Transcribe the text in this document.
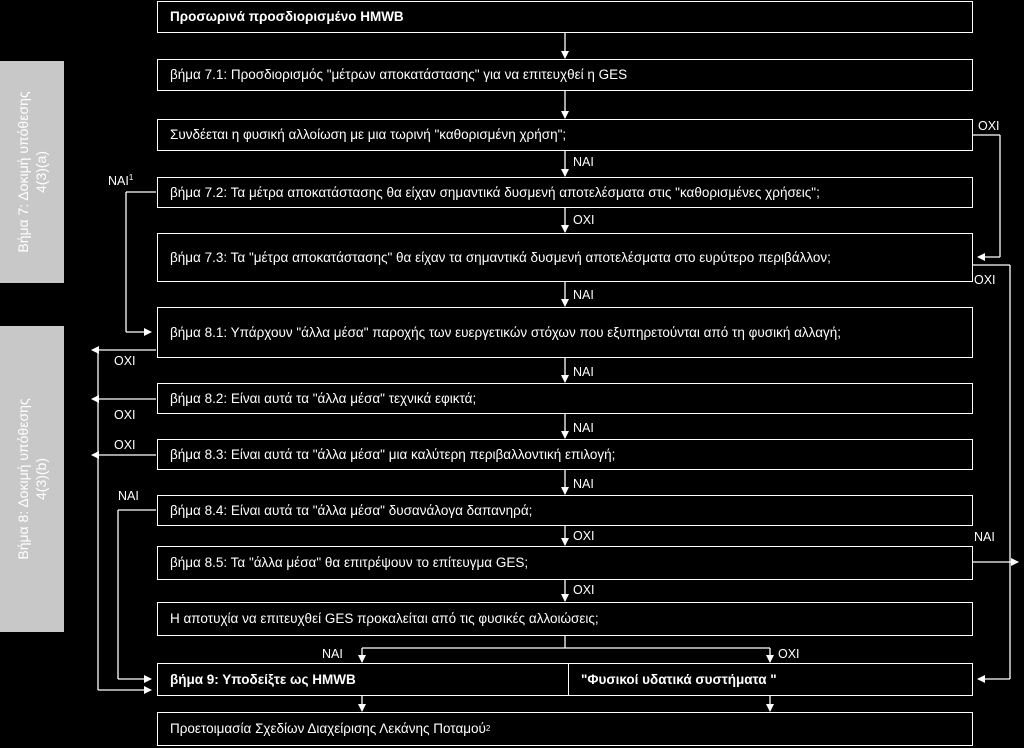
Βήμα 7: Δοκιμή υπόθεσης
4(3)(a)
Βήμα 8: Δοκιμή υπόθεσης
4(3)(b)
Προσωρινά προσδιορισμένο HMWB
βήμα 7.1: Προσδιορισμός "μέτρων αποκατάστασης" για να επιτευχθεί η GES
Συνδέεται η φυσική αλλοίωση με μια τωρινή "καθορισμένη χρήση";
βήμα 7.2: Τα μέτρα αποκατάστασης θα είχαν σημαντικά δυσμενή αποτελέσματα στις "καθορισμένες χρήσεις";
βήμα 7.3: Τα "μέτρα αποκατάστασης" θα είχαν τα σημαντικά δυσμενή αποτελέσματα στο ευρύτερο περιβάλλον;
βήμα 8.1: Υπάρχουν "άλλα μέσα" παροχής των ευεργετικών στόχων που εξυπηρετούνται από τη φυσική αλλαγή;
βήμα 8.2: Είναι αυτά τα "άλλα μέσα" τεχνικά εφικτά;
βήμα 8.3: Είναι αυτά τα "άλλα μέσα" μια καλύτερη περιβαλλοντική επιλογή;
βήμα 8.4: Είναι αυτά τα "άλλα μέσα" δυσανάλογα δαπανηρά;
βήμα 8.5: Τα "άλλα μέσα" θα επιτρέψουν το επίτευγμα GES;
Η αποτυχία να επιτευχθεί GES προκαλείται από τις φυσικές αλλοιώσεις;
βήμα 9: Υποδείξτε ως HMWB	"Φυσικοί υδατικά συστήματα "
Προετοιμασία Σχεδίων Διαχείρισης Λεκάνης Ποταμού 2
ΟΧΙ
ΝΑΙ
ΝΑΙ$^1$
ΟΧΙ
ΟΧΙ
ΝΑΙ
ΟΧΙ
ΝΑΙ
ΟΧΙ
ΝΑΙ
ΟΧΙ
ΝΑΙ
ΝΑΙ
ΟΧΙ	ΝΑΙ
ΟΧΙ
ΝΑΙ	ΟΧΙ
